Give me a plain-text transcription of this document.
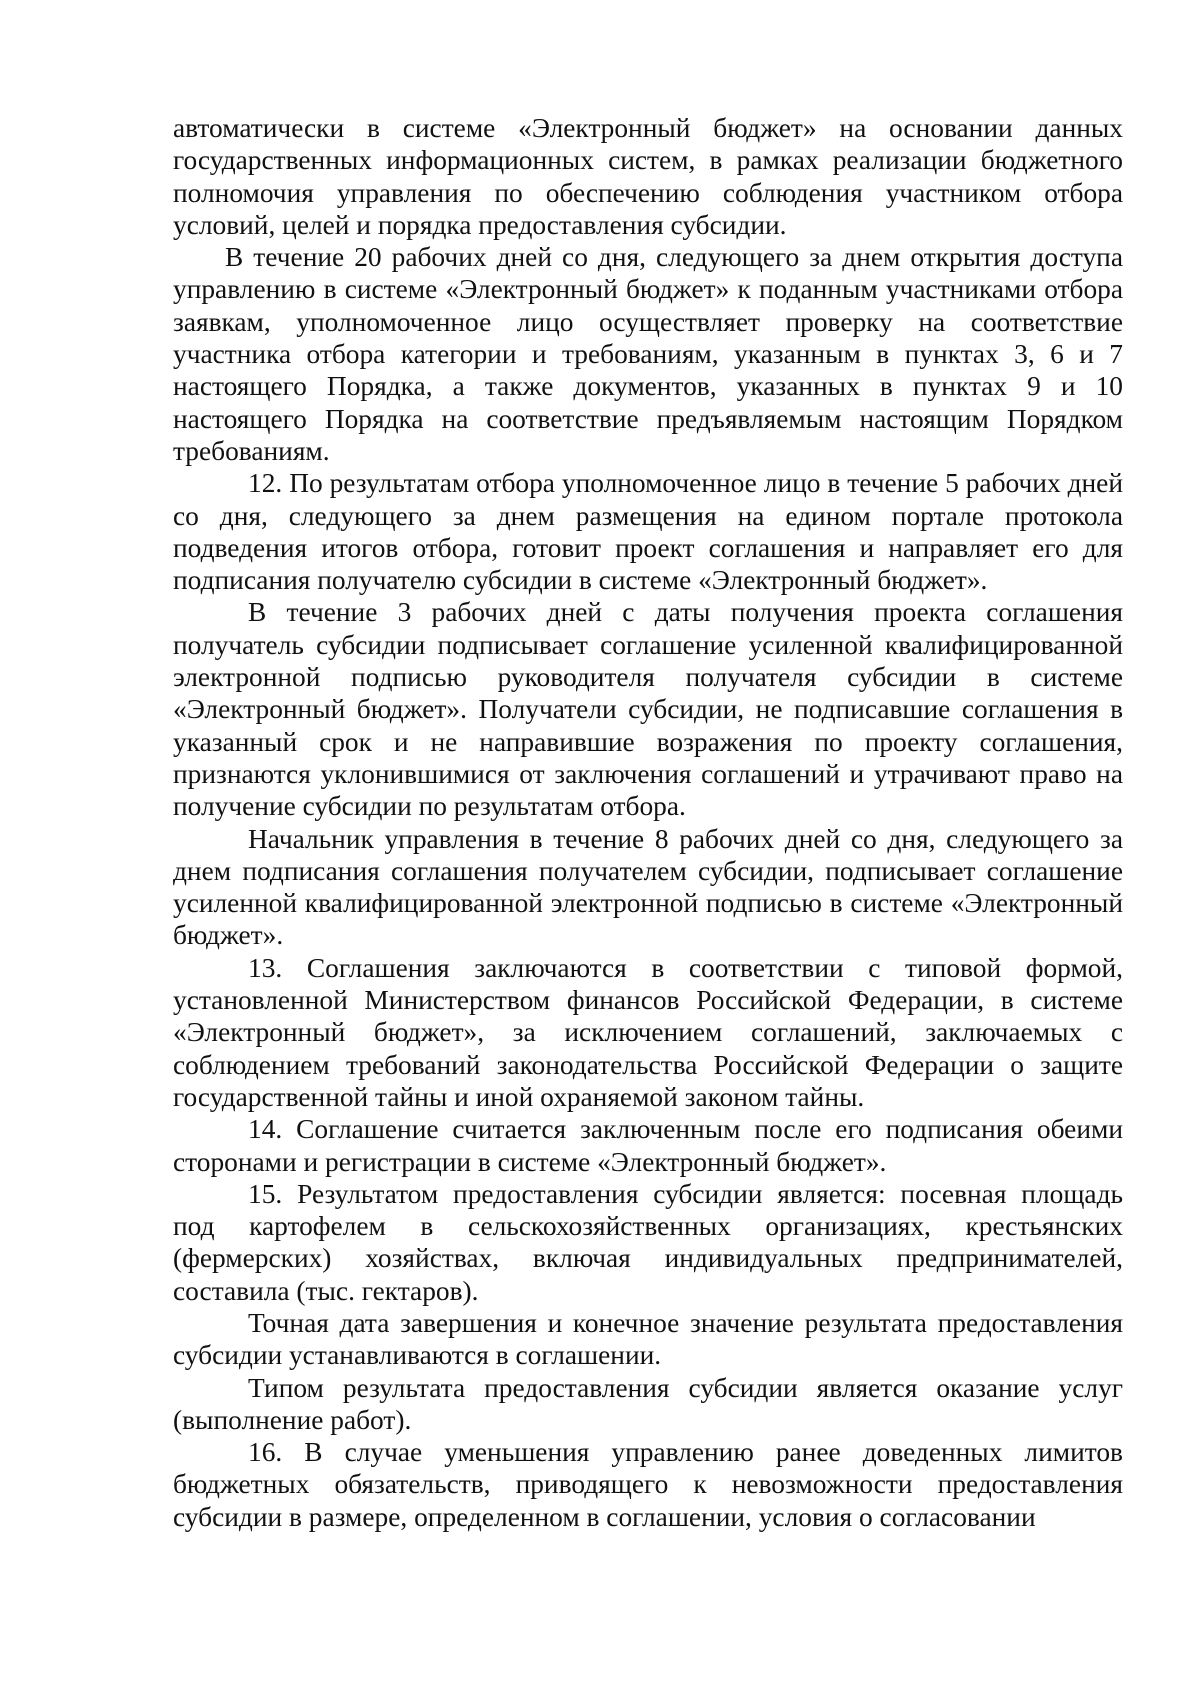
автоматически в системе «Электронный бюджет» на основании данных государственных информационных систем, в рамках реализации бюджетного полномочия управления по обеспечению соблюдения участником отбора условий, целей и порядка предоставления субсидии.

В течение 20 рабочих дней со дня, следующего за днем открытия доступа управлению в системе «Электронный бюджет» к поданным участниками отбора заявкам, уполномоченное лицо осуществляет проверку на соответствие участника отбора категории и требованиям, указанным в пунктах 3, 6 и 7 настоящего Порядка, а также документов, указанных в пунктах 9 и 10 настоящего Порядка на соответствие предъявляемым настоящим Порядком требованиям.

12. По результатам отбора уполномоченное лицо в течение 5 рабочих дней со дня, следующего за днем размещения на едином портале протокола подведения итогов отбора, готовит проект соглашения и направляет его для подписания получателю субсидии в системе «Электронный бюджет».

В течение 3 рабочих дней с даты получения проекта соглашения получатель субсидии подписывает соглашение усиленной квалифицированной электронной подписью руководителя получателя субсидии в системе «Электронный бюджет». Получатели субсидии, не подписавшие соглашения в указанный срок и не направившие возражения по проекту соглашения, признаются уклонившимися от заключения соглашений и утрачивают право на получение субсидии по результатам отбора.

Начальник управления в течение 8 рабочих дней со дня, следующего за днем подписания соглашения получателем субсидии, подписывает соглашение усиленной квалифицированной электронной подписью в системе «Электронный бюджет».

13. Соглашения заключаются в соответствии с типовой формой, установленной Министерством финансов Российской Федерации, в системе «Электронный бюджет», за исключением соглашений, заключаемых с соблюдением требований законодательства Российской Федерации о защите государственной тайны и иной охраняемой законом тайны.

14. Соглашение считается заключенным после его подписания обеими сторонами и регистрации в системе «Электронный бюджет».

15. Результатом предоставления субсидии является: посевная площадь под картофелем в сельскохозяйственных организациях, крестьянских (фермерских) хозяйствах, включая индивидуальных предпринимателей, составила (тыс. гектаров).

Точная дата завершения и конечное значение результата предоставления субсидии устанавливаются в соглашении.

Типом результата предоставления субсидии является оказание услуг (выполнение работ).

16. В случае уменьшения управлению ранее доведенных лимитов бюджетных обязательств, приводящего к невозможности предоставления субсидии в размере, определенном в соглашении, условия о согласовании
